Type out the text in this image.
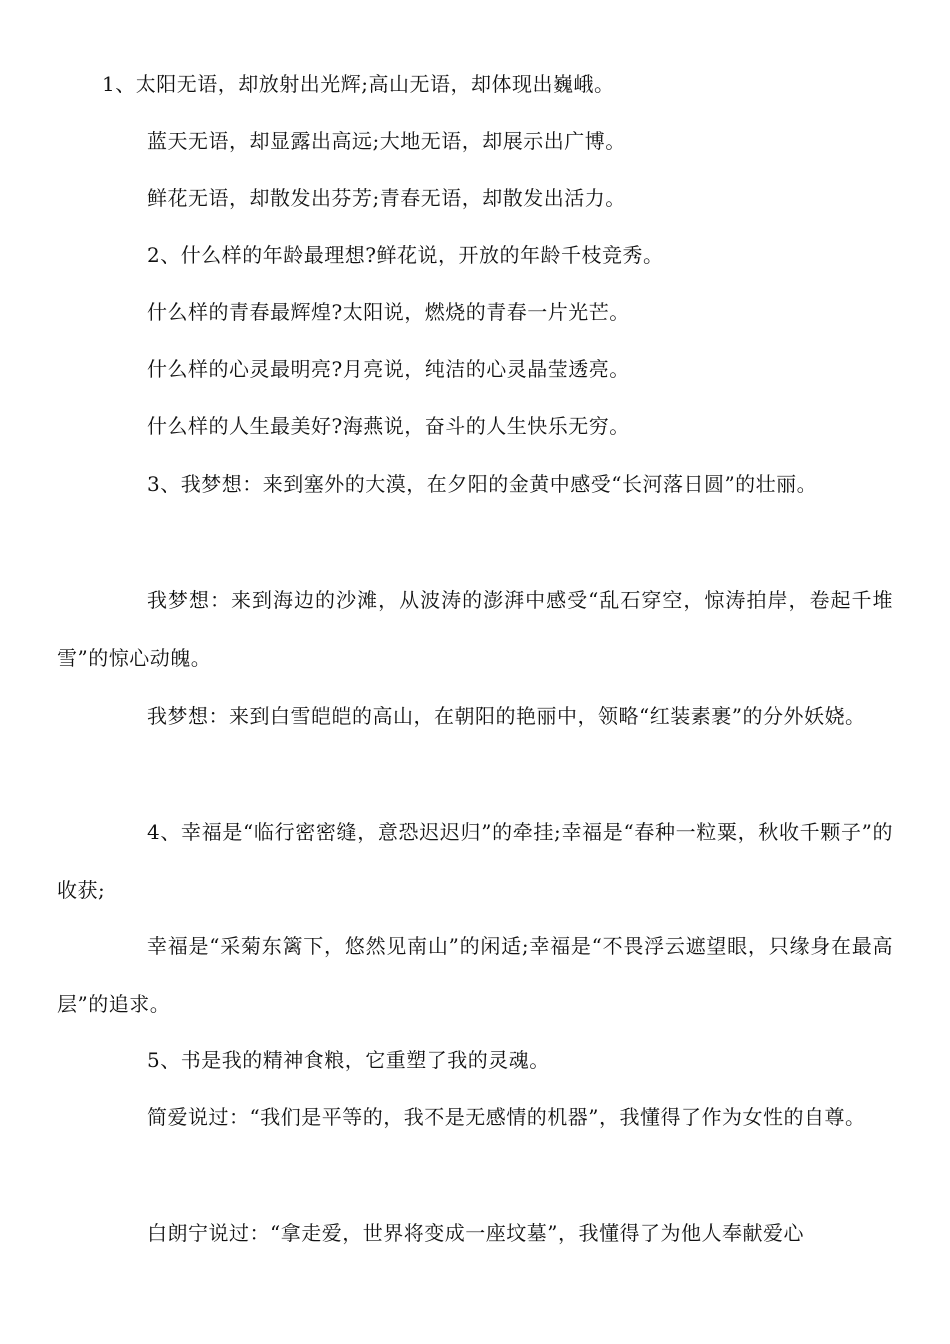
1、太阳无语，却放射出光辉;高山无语，却体现出巍峨。

蓝天无语，却显露出高远;大地无语，却展示出广博。

鲜花无语，却散发出芬芳;青春无语，却散发出活力。

2、什么样的年龄最理想?鲜花说，开放的年龄千枝竞秀。

什么样的青春最辉煌?太阳说，燃烧的青春一片光芒。

什么样的心灵最明亮?月亮说，纯洁的心灵晶莹透亮。

什么样的人生最美好?海燕说，奋斗的人生快乐无穷。

3、我梦想：来到塞外的大漠，在夕阳的金黄中感受“长河落日圆”的壮丽。

我梦想：来到海边的沙滩，从波涛的澎湃中感受“乱石穿空，惊涛拍岸，卷起千堆雪”的惊心动魄。

我梦想：来到白雪皑皑的高山，在朝阳的艳丽中，领略“红装素裹”的分外妖娆。

4、幸福是“临行密密缝，意恐迟迟归”的牵挂;幸福是“春种一粒粟，秋收千颗子”的收获;

幸福是“采菊东篱下，悠然见南山”的闲适;幸福是“不畏浮云遮望眼，只缘身在最高层”的追求。

5、书是我的精神食粮，它重塑了我的灵魂。

简爱说过：“我们是平等的，我不是无感情的机器”，我懂得了作为女性的自尊。

白朗宁说过：“拿走爱，世界将变成一座坟墓”，我懂得了为他人奉献爱心
